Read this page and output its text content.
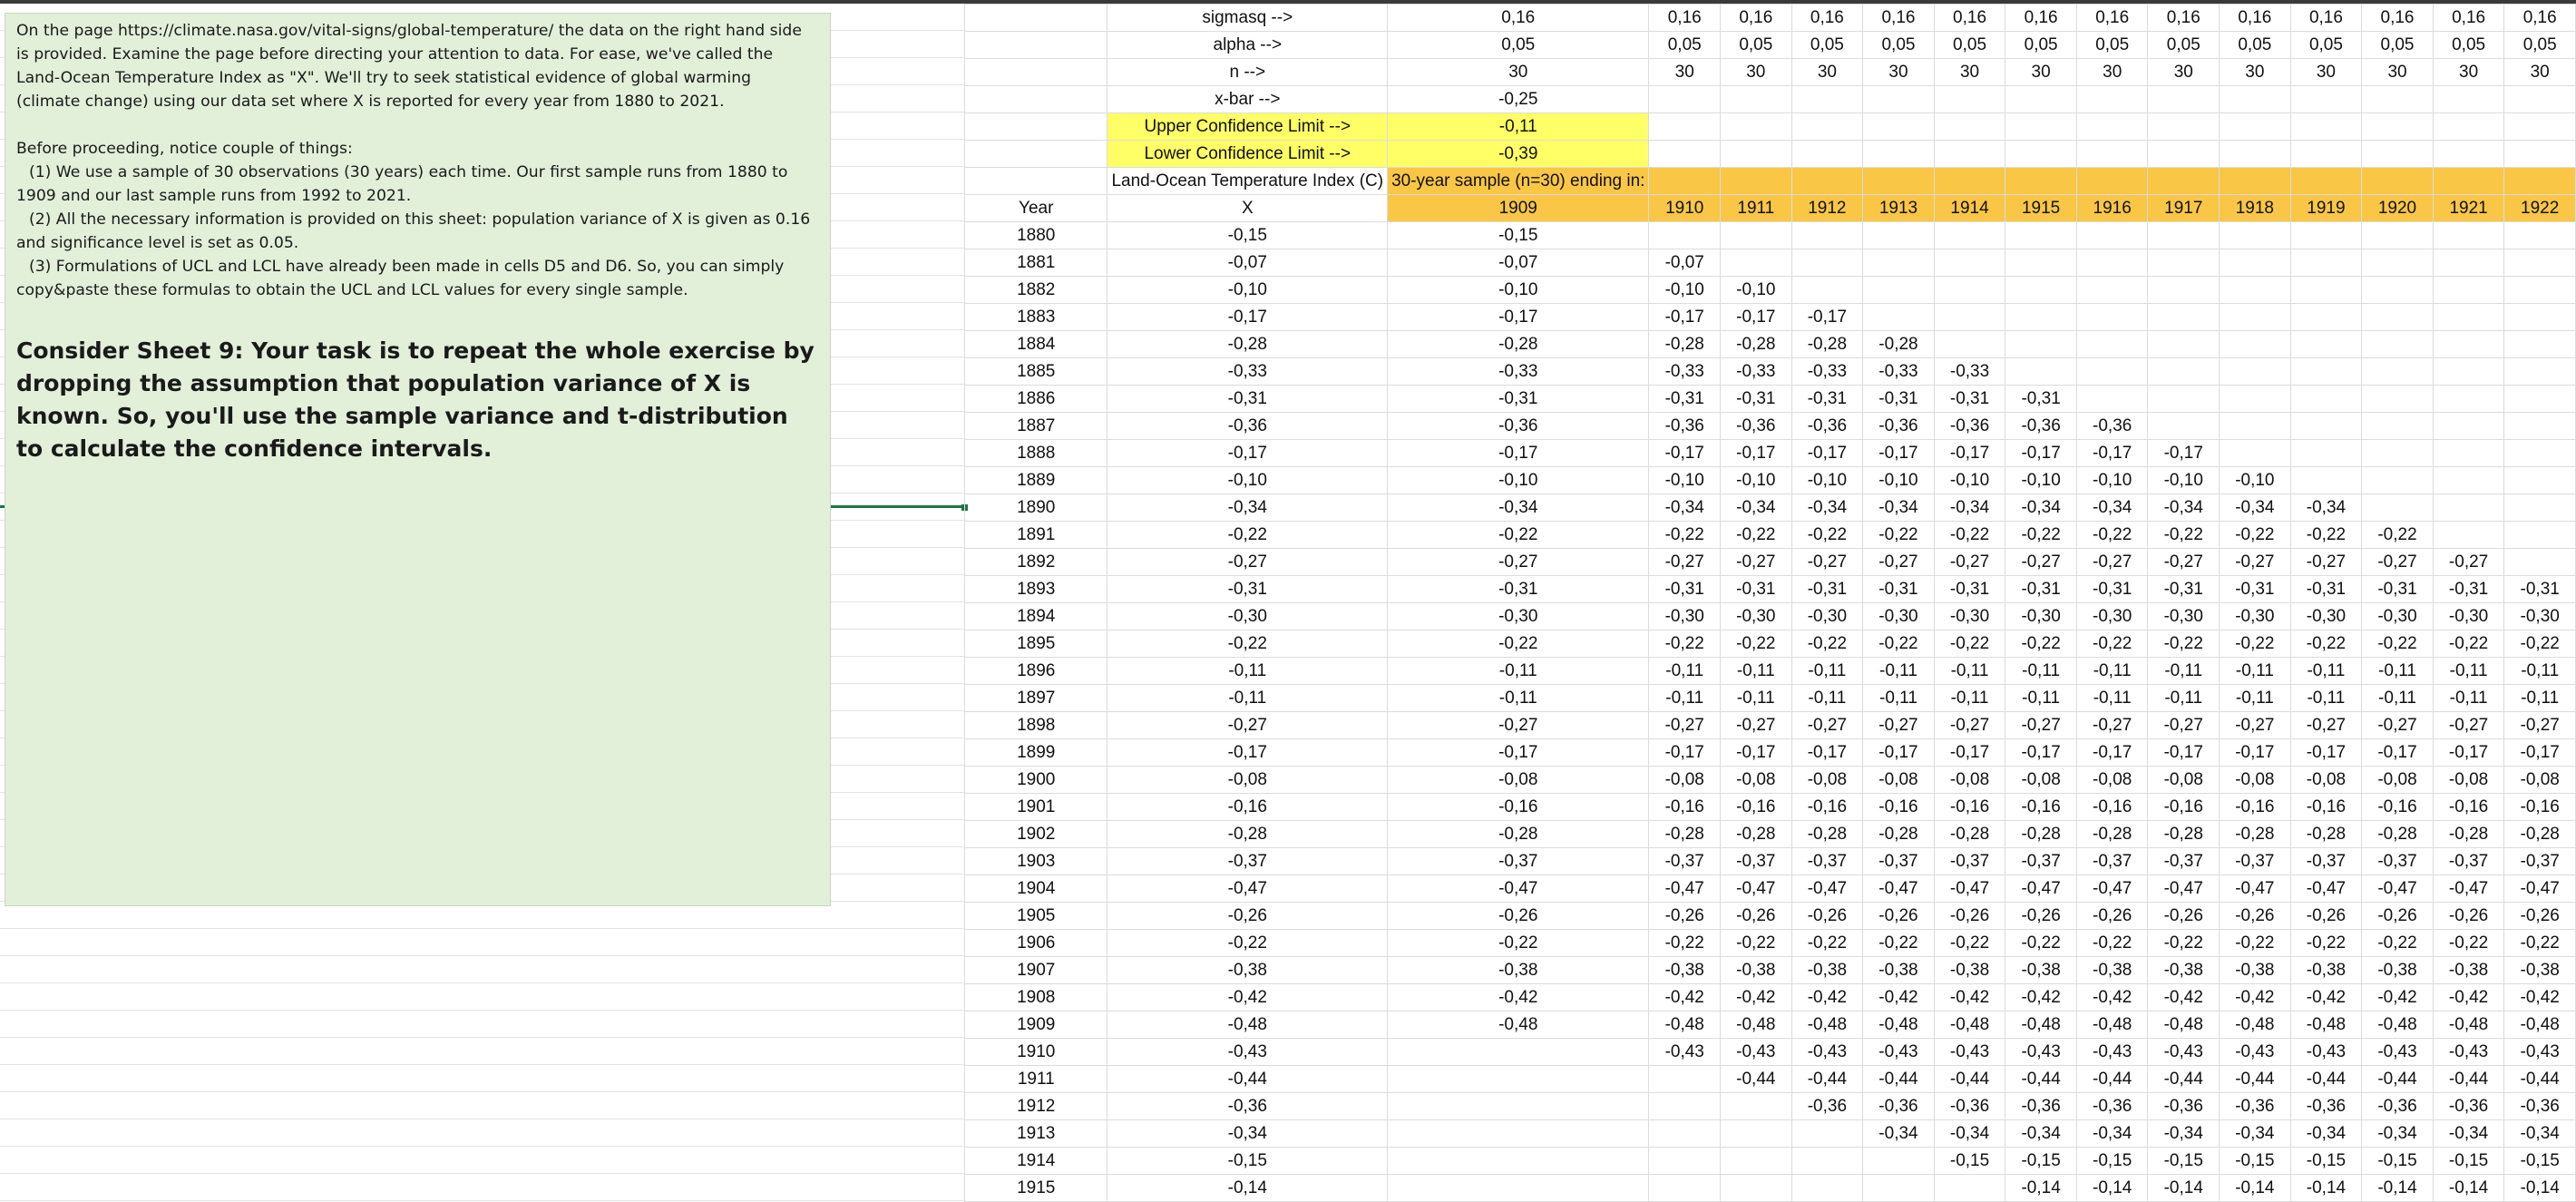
On the page https://climate.nasa.gov/vital-signs/global-temperature/ the data on the right hand side is provided. Examine the page before directing your attention to data. For ease, we've called the Land-Ocean Temperature Index as "X". We'll try to seek statistical evidence of global warming (climate change) using our data set where X is reported for every year from 1880 to 2021.

Before proceeding, notice couple of things:

(1) We use a sample of 30 observations (30 years) each time. Our first sample runs from 1880 to 1909 and our last sample runs from 1992 to 2021.

(2) All the necessary information is provided on this sheet: population variance of X is given as 0.16 and significance level is set as 0.05.

(3) Formulations of UCL and LCL have already been made in cells D5 and D6. So, you can simply copy&paste these formulas to obtain the UCL and LCL values for every single sample.

Consider Sheet 9: Your task is to repeat the whole exercise by dropping the assumption that population variance of X is known. So, you'll use the sample variance and t-distribution to calculate the confidence intervals.

	sigmasq -->	0,16	0,16	0,16	0,16	0,16	0,16	0,16	0,16	0,16	0,16	0,16	0,16	0,16	0,16
	alpha -->	0,05	0,05	0,05	0,05	0,05	0,05	0,05	0,05	0,05	0,05	0,05	0,05	0,05	0,05
	n -->	30	30	30	30	30	30	30	30	30	30	30	30	30	30
	x-bar -->	-0,25													
	Upper Confidence Limit -->	-0,11													
	Lower Confidence Limit -->	-0,39													
	Land-Ocean Temperature Index (C)	30-year sample (n=30) ending in:													
Year	X	1909	1910	1911	1912	1913	1914	1915	1916	1917	1918	1919	1920	1921	1922
1880	-0,15	-0,15													
1881	-0,07	-0,07	-0,07												
1882	-0,10	-0,10	-0,10	-0,10											
1883	-0,17	-0,17	-0,17	-0,17	-0,17										
1884	-0,28	-0,28	-0,28	-0,28	-0,28	-0,28									
1885	-0,33	-0,33	-0,33	-0,33	-0,33	-0,33	-0,33								
1886	-0,31	-0,31	-0,31	-0,31	-0,31	-0,31	-0,31	-0,31							
1887	-0,36	-0,36	-0,36	-0,36	-0,36	-0,36	-0,36	-0,36	-0,36						
1888	-0,17	-0,17	-0,17	-0,17	-0,17	-0,17	-0,17	-0,17	-0,17	-0,17					
1889	-0,10	-0,10	-0,10	-0,10	-0,10	-0,10	-0,10	-0,10	-0,10	-0,10	-0,10				
1890	-0,34	-0,34	-0,34	-0,34	-0,34	-0,34	-0,34	-0,34	-0,34	-0,34	-0,34	-0,34			
1891	-0,22	-0,22	-0,22	-0,22	-0,22	-0,22	-0,22	-0,22	-0,22	-0,22	-0,22	-0,22	-0,22		
1892	-0,27	-0,27	-0,27	-0,27	-0,27	-0,27	-0,27	-0,27	-0,27	-0,27	-0,27	-0,27	-0,27	-0,27	
1893	-0,31	-0,31	-0,31	-0,31	-0,31	-0,31	-0,31	-0,31	-0,31	-0,31	-0,31	-0,31	-0,31	-0,31	-0,31
1894	-0,30	-0,30	-0,30	-0,30	-0,30	-0,30	-0,30	-0,30	-0,30	-0,30	-0,30	-0,30	-0,30	-0,30	-0,30
1895	-0,22	-0,22	-0,22	-0,22	-0,22	-0,22	-0,22	-0,22	-0,22	-0,22	-0,22	-0,22	-0,22	-0,22	-0,22
1896	-0,11	-0,11	-0,11	-0,11	-0,11	-0,11	-0,11	-0,11	-0,11	-0,11	-0,11	-0,11	-0,11	-0,11	-0,11
1897	-0,11	-0,11	-0,11	-0,11	-0,11	-0,11	-0,11	-0,11	-0,11	-0,11	-0,11	-0,11	-0,11	-0,11	-0,11
1898	-0,27	-0,27	-0,27	-0,27	-0,27	-0,27	-0,27	-0,27	-0,27	-0,27	-0,27	-0,27	-0,27	-0,27	-0,27
1899	-0,17	-0,17	-0,17	-0,17	-0,17	-0,17	-0,17	-0,17	-0,17	-0,17	-0,17	-0,17	-0,17	-0,17	-0,17
1900	-0,08	-0,08	-0,08	-0,08	-0,08	-0,08	-0,08	-0,08	-0,08	-0,08	-0,08	-0,08	-0,08	-0,08	-0,08
1901	-0,16	-0,16	-0,16	-0,16	-0,16	-0,16	-0,16	-0,16	-0,16	-0,16	-0,16	-0,16	-0,16	-0,16	-0,16
1902	-0,28	-0,28	-0,28	-0,28	-0,28	-0,28	-0,28	-0,28	-0,28	-0,28	-0,28	-0,28	-0,28	-0,28	-0,28
1903	-0,37	-0,37	-0,37	-0,37	-0,37	-0,37	-0,37	-0,37	-0,37	-0,37	-0,37	-0,37	-0,37	-0,37	-0,37
1904	-0,47	-0,47	-0,47	-0,47	-0,47	-0,47	-0,47	-0,47	-0,47	-0,47	-0,47	-0,47	-0,47	-0,47	-0,47
1905	-0,26	-0,26	-0,26	-0,26	-0,26	-0,26	-0,26	-0,26	-0,26	-0,26	-0,26	-0,26	-0,26	-0,26	-0,26
1906	-0,22	-0,22	-0,22	-0,22	-0,22	-0,22	-0,22	-0,22	-0,22	-0,22	-0,22	-0,22	-0,22	-0,22	-0,22
1907	-0,38	-0,38	-0,38	-0,38	-0,38	-0,38	-0,38	-0,38	-0,38	-0,38	-0,38	-0,38	-0,38	-0,38	-0,38
1908	-0,42	-0,42	-0,42	-0,42	-0,42	-0,42	-0,42	-0,42	-0,42	-0,42	-0,42	-0,42	-0,42	-0,42	-0,42
1909	-0,48	-0,48	-0,48	-0,48	-0,48	-0,48	-0,48	-0,48	-0,48	-0,48	-0,48	-0,48	-0,48	-0,48	-0,48
1910	-0,43		-0,43	-0,43	-0,43	-0,43	-0,43	-0,43	-0,43	-0,43	-0,43	-0,43	-0,43	-0,43	-0,43
1911	-0,44			-0,44	-0,44	-0,44	-0,44	-0,44	-0,44	-0,44	-0,44	-0,44	-0,44	-0,44	-0,44
1912	-0,36				-0,36	-0,36	-0,36	-0,36	-0,36	-0,36	-0,36	-0,36	-0,36	-0,36	-0,36
1913	-0,34					-0,34	-0,34	-0,34	-0,34	-0,34	-0,34	-0,34	-0,34	-0,34	-0,34
1914	-0,15						-0,15	-0,15	-0,15	-0,15	-0,15	-0,15	-0,15	-0,15	-0,15
1915	-0,14							-0,14	-0,14	-0,14	-0,14	-0,14	-0,14	-0,14	-0,14
